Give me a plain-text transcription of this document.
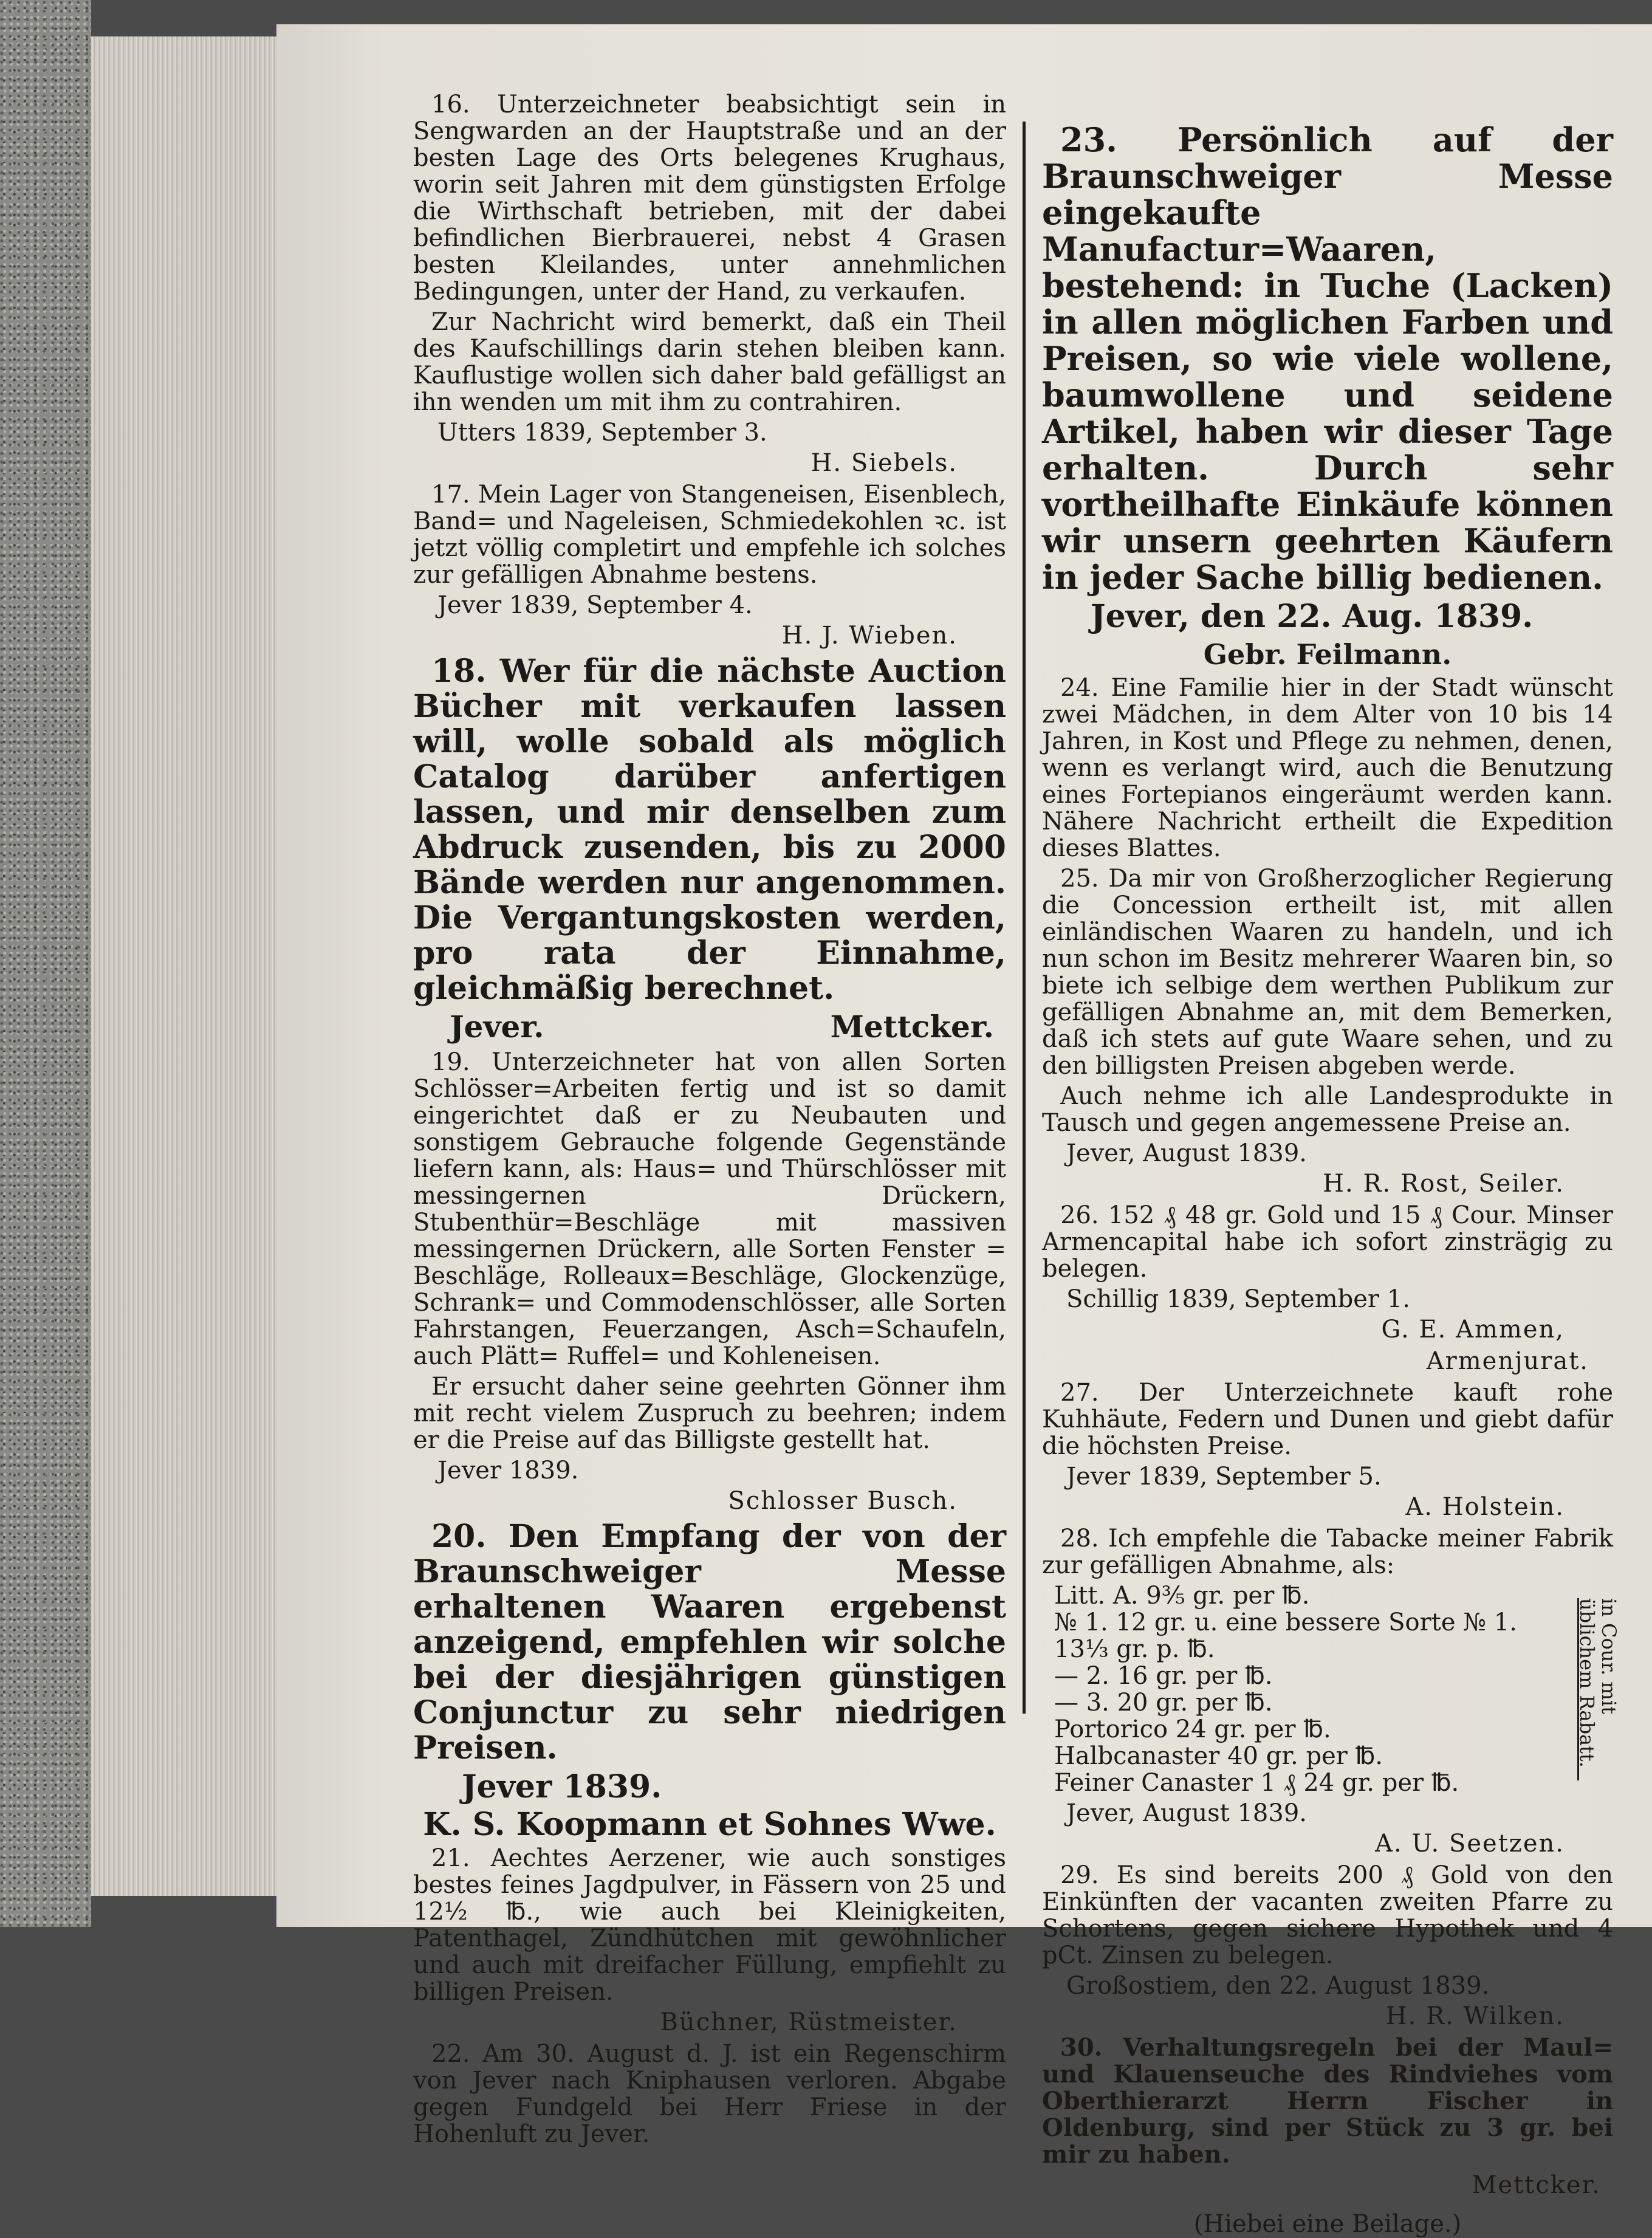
16. Unterzeichneter beabsichtigt sein in Sengwarden an der Hauptstraße und an der besten Lage des Orts belegenes Krughaus, worin seit Jahren mit dem günstigsten Erfolge die Wirthschaft betrieben, mit der dabei befindlichen Bierbrauerei, nebst 4 Grasen besten Kleilandes, unter annehmlichen Bedingungen, unter der Hand, zu verkaufen.

Zur Nachricht wird bemerkt, daß ein Theil des Kaufschillings darin stehen bleiben kann. Kauflustige wollen sich daher bald gefälligst an ihn wenden um mit ihm zu contrahiren.

Utters 1839, September 3.
H. Siebels.

17. Mein Lager von Stangeneisen, Eisenblech, Band= und Nageleisen, Schmiedekohlen ꝛc. ist jetzt völlig completirt und empfehle ich solches zur gefälligen Abnahme bestens.

Jever 1839, September 4.
H. J. Wieben.

18. Wer für die nächste Auction Bücher mit verkaufen lassen will, wolle sobald als möglich Catalog darüber anfertigen lassen, und mir denselben zum Abdruck zusenden, bis zu 2000 Bände werden nur angenommen. Die Vergantungskosten werden, pro rata der Einnahme, gleichmäßig berechnet.

Jever.	Mettcker.

19. Unterzeichneter hat von allen Sorten Schlösser=Arbeiten fertig und ist so damit eingerichtet daß er zu Neubauten und sonstigem Gebrauche folgende Gegenstände liefern kann, als: Haus= und Thürschlösser mit messingernen Drückern, Stubenthür=Beschläge mit massiven messingernen Drückern, alle Sorten Fenster = Beschläge, Rolleaux=Beschläge, Glockenzüge, Schrank= und Commodenschlösser, alle Sorten Fahrstangen, Feuerzangen, Asch=Schaufeln, auch Plätt= Ruffel= und Kohleneisen.

Er ersucht daher seine geehrten Gönner ihm mit recht vielem Zuspruch zu beehren; indem er die Preise auf das Billigste gestellt hat.

Jever 1839.
Schlosser Busch.

20. Den Empfang der von der Braunschweiger Messe erhaltenen Waaren ergebenst anzeigend, empfehlen wir solche bei der diesjährigen günstigen Conjunctur zu sehr niedrigen Preisen.

Jever 1839.
K. S. Koopmann et Sohnes Wwe.

21. Aechtes Aerzener, wie auch sonstiges bestes feines Jagdpulver, in Fässern von 25 und 12½ ℔., wie auch bei Kleinigkeiten, Patenthagel, Zündhütchen mit gewöhnlicher und auch mit dreifacher Füllung, empfiehlt zu billigen Preisen.

Büchner, Rüstmeister.

22. Am 30. August d. J. ist ein Regenschirm von Jever nach Kniphausen verloren. Abgabe gegen Fundgeld bei Herr Friese in der Hohenluft zu Jever.

23. Persönlich auf der Braunschweiger Messe eingekaufte Manufactur=Waaren, bestehend: in Tuche (Lacken) in allen möglichen Farben und Preisen, so wie viele wollene, baumwollene und seidene Artikel, haben wir dieser Tage erhalten. Durch sehr vortheilhafte Einkäufe können wir unsern geehrten Käufern in jeder Sache billig bedienen.

Jever, den 22. Aug. 1839.
Gebr. Feilmann.

24. Eine Familie hier in der Stadt wünscht zwei Mädchen, in dem Alter von 10 bis 14 Jahren, in Kost und Pflege zu nehmen, denen, wenn es verlangt wird, auch die Benutzung eines Fortepianos eingeräumt werden kann. Nähere Nachricht ertheilt die Expedition dieses Blattes.

25. Da mir von Großherzoglicher Regierung die Concession ertheilt ist, mit allen einländischen Waaren zu handeln, und ich nun schon im Besitz mehrerer Waaren bin, so biete ich selbige dem werthen Publikum zur gefälligen Abnahme an, mit dem Bemerken, daß ich stets auf gute Waare sehen, und zu den billigsten Preisen abgeben werde.

Auch nehme ich alle Landesprodukte in Tausch und gegen angemessene Preise an.

Jever, August 1839.
H. R. Rost, Seiler.

26. 152 ₰ 48 gr. Gold und 15 ₰ Cour. Minser Armencapital habe ich sofort zinsträgig zu belegen.

Schillig 1839, September 1.
G. E. Ammen,
Armenjurat.

27. Der Unterzeichnete kauft rohe Kuhhäute, Federn und Dunen und giebt dafür die höchsten Preise.

Jever 1839, September 5.
A. Holstein.

28. Ich empfehle die Tabacke meiner Fabrik zur gefälligen Abnahme, als:

Litt. A. 9⅗ gr. per ℔.
№ 1. 12 gr. u. eine bessere Sorte № 1. 13⅓ gr. p. ℔.
— 2. 16 gr. per ℔.
— 3. 20 gr. per ℔.
Portorico 24 gr. per ℔.
Halbcanaster 40 gr. per ℔.
Feiner Canaster 1 ₰ 24 gr. per ℔.
in Cour. mit üblichem Rabatt.
Jever, August 1839.
A. U. Seetzen.

29. Es sind bereits 200 ₰ Gold von den Einkünften der vacanten zweiten Pfarre zu Schortens, gegen sichere Hypothek und 4 pCt. Zinsen zu belegen.

Großostiem, den 22. August 1839.
H. R. Wilken.

30. Verhaltungsregeln bei der Maul= und Klauenseuche des Rindviehes vom Oberthierarzt Herrn Fischer in Oldenburg, sind per Stück zu 3 gr. bei mir zu haben.

Mettcker.
(Hiebei eine Beilage.)
